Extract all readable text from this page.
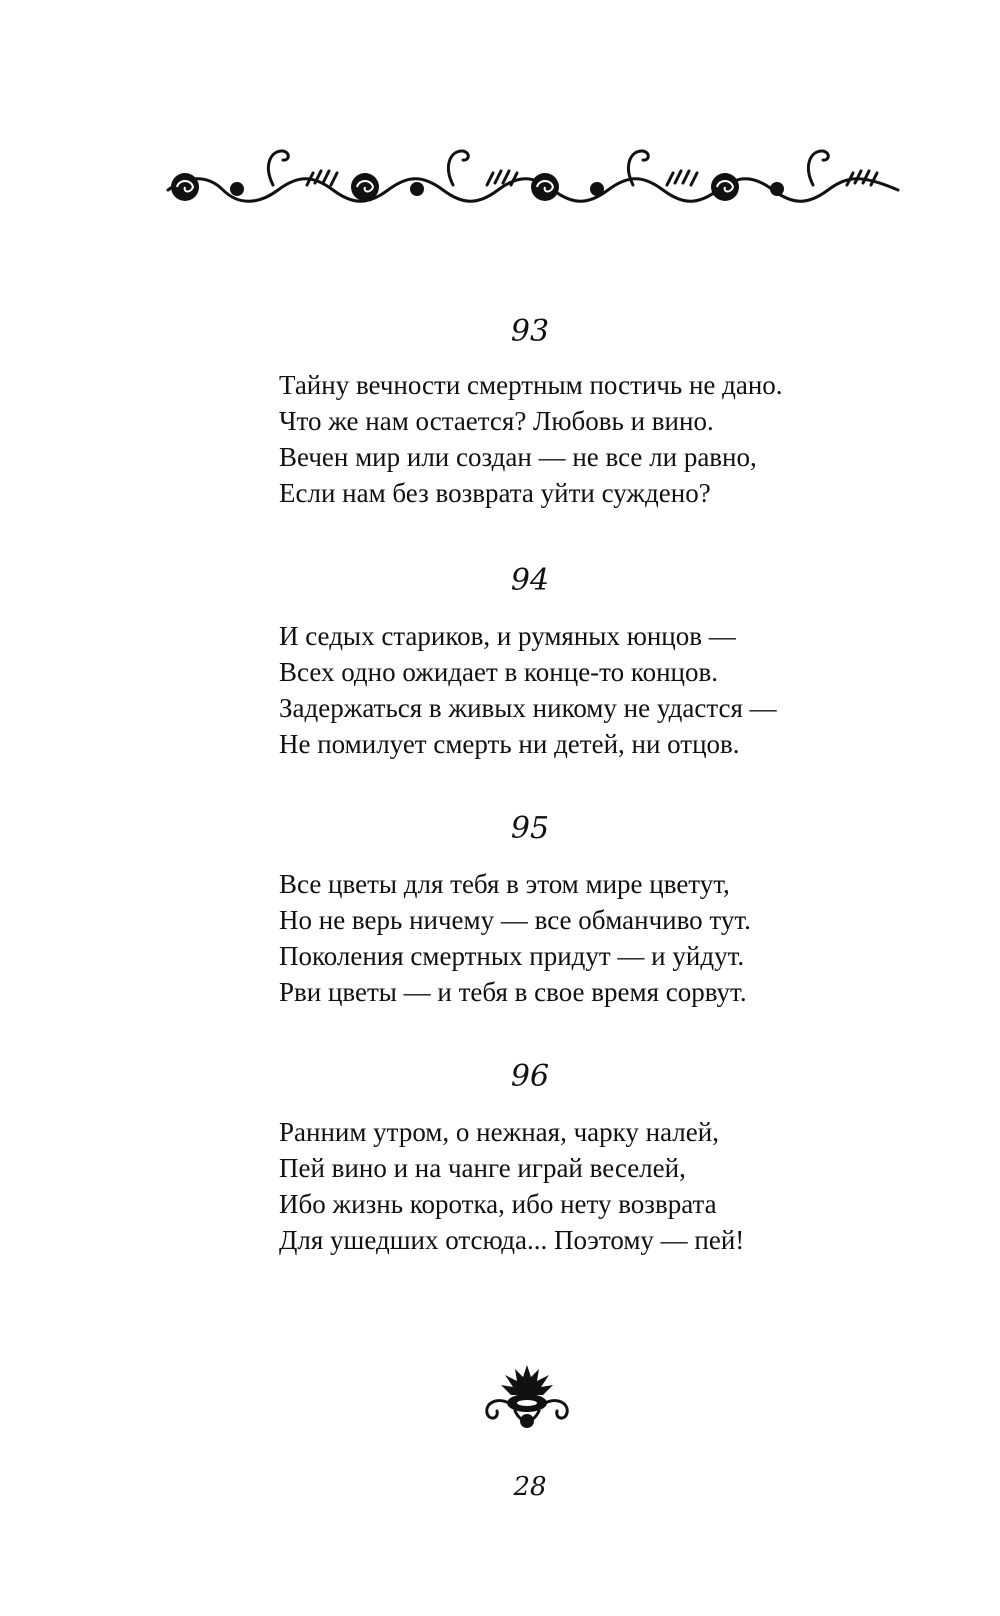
93
Тайну вечности смертным постичь не дано.
Что же нам остается? Любовь и вино.
Вечен мир или создан — не все ли равно,
Если нам без возврата уйти суждено?
94
И седых стариков, и румяных юнцов —
Всех одно ожидает в конце-то концов.
Задержаться в живых никому не удастся —
Не помилует смерть ни детей, ни отцов.
95
Все цветы для тебя в этом мире цветут,
Но не верь ничему — все обманчиво тут.
Поколения смертных придут — и уйдут.
Рви цветы — и тебя в свое время сорвут.
96
Ранним утром, о нежная, чарку налей,
Пей вино и на чанге играй веселей,
Ибо жизнь коротка, ибо нету возврата
Для ушедших отсюда... Поэтому — пей!
28
